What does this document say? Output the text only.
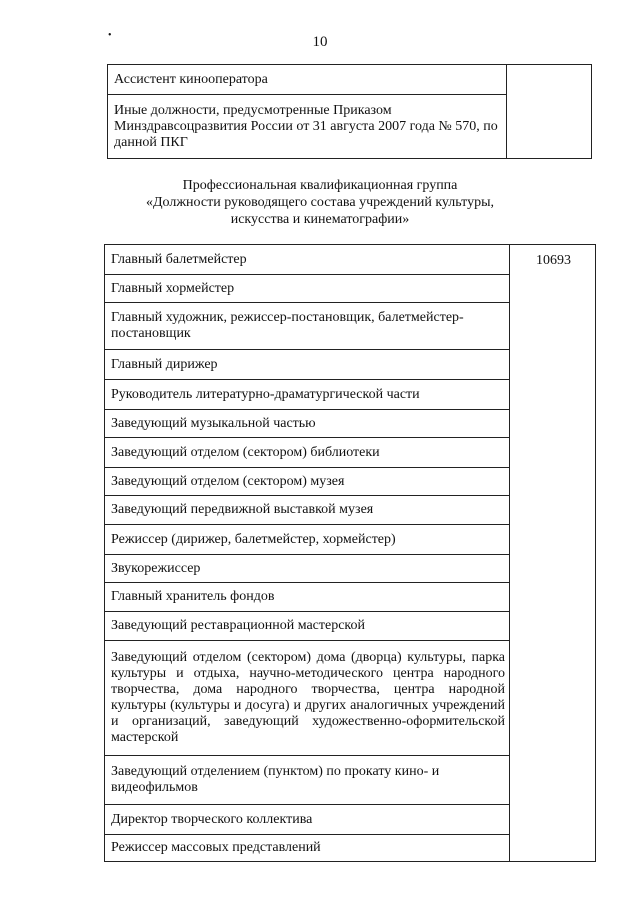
•	10
Ассистент кинооператора	
Иные должности, предусмотренные Приказом Минздравсоцразвития России от 31 августа 2007 года № 570, по данной ПКГ
Профессиональная квалификационная группа
«Должности руководящего состава учреждений культуры,
искусства и кинематографии»
Главный балетмейстер	10693
Главный хормейстер
Главный художник, режиссер-постановщик, балетмейстер-постановщик
Главный дирижер
Руководитель литературно-драматургической части
Заведующий музыкальной частью
Заведующий отделом (сектором) библиотеки
Заведующий отделом (сектором) музея
Заведующий передвижной выставкой музея
Режиссер (дирижер, балетмейстер, хормейстер)
Звукорежиссер
Главный хранитель фондов
Заведующий реставрационной мастерской
Заведующий отделом (сектором) дома (дворца) культуры, парка культуры и отдыха, научно-методического центра народного творчества, дома народного творчества, центра народной культуры (культуры и досуга) и других аналогичных учреждений и организаций, заведующий художественно-оформительской мастерской
Заведующий отделением (пунктом) по прокату кино- и видеофильмов
Директор творческого коллектива
Режиссер массовых представлений
